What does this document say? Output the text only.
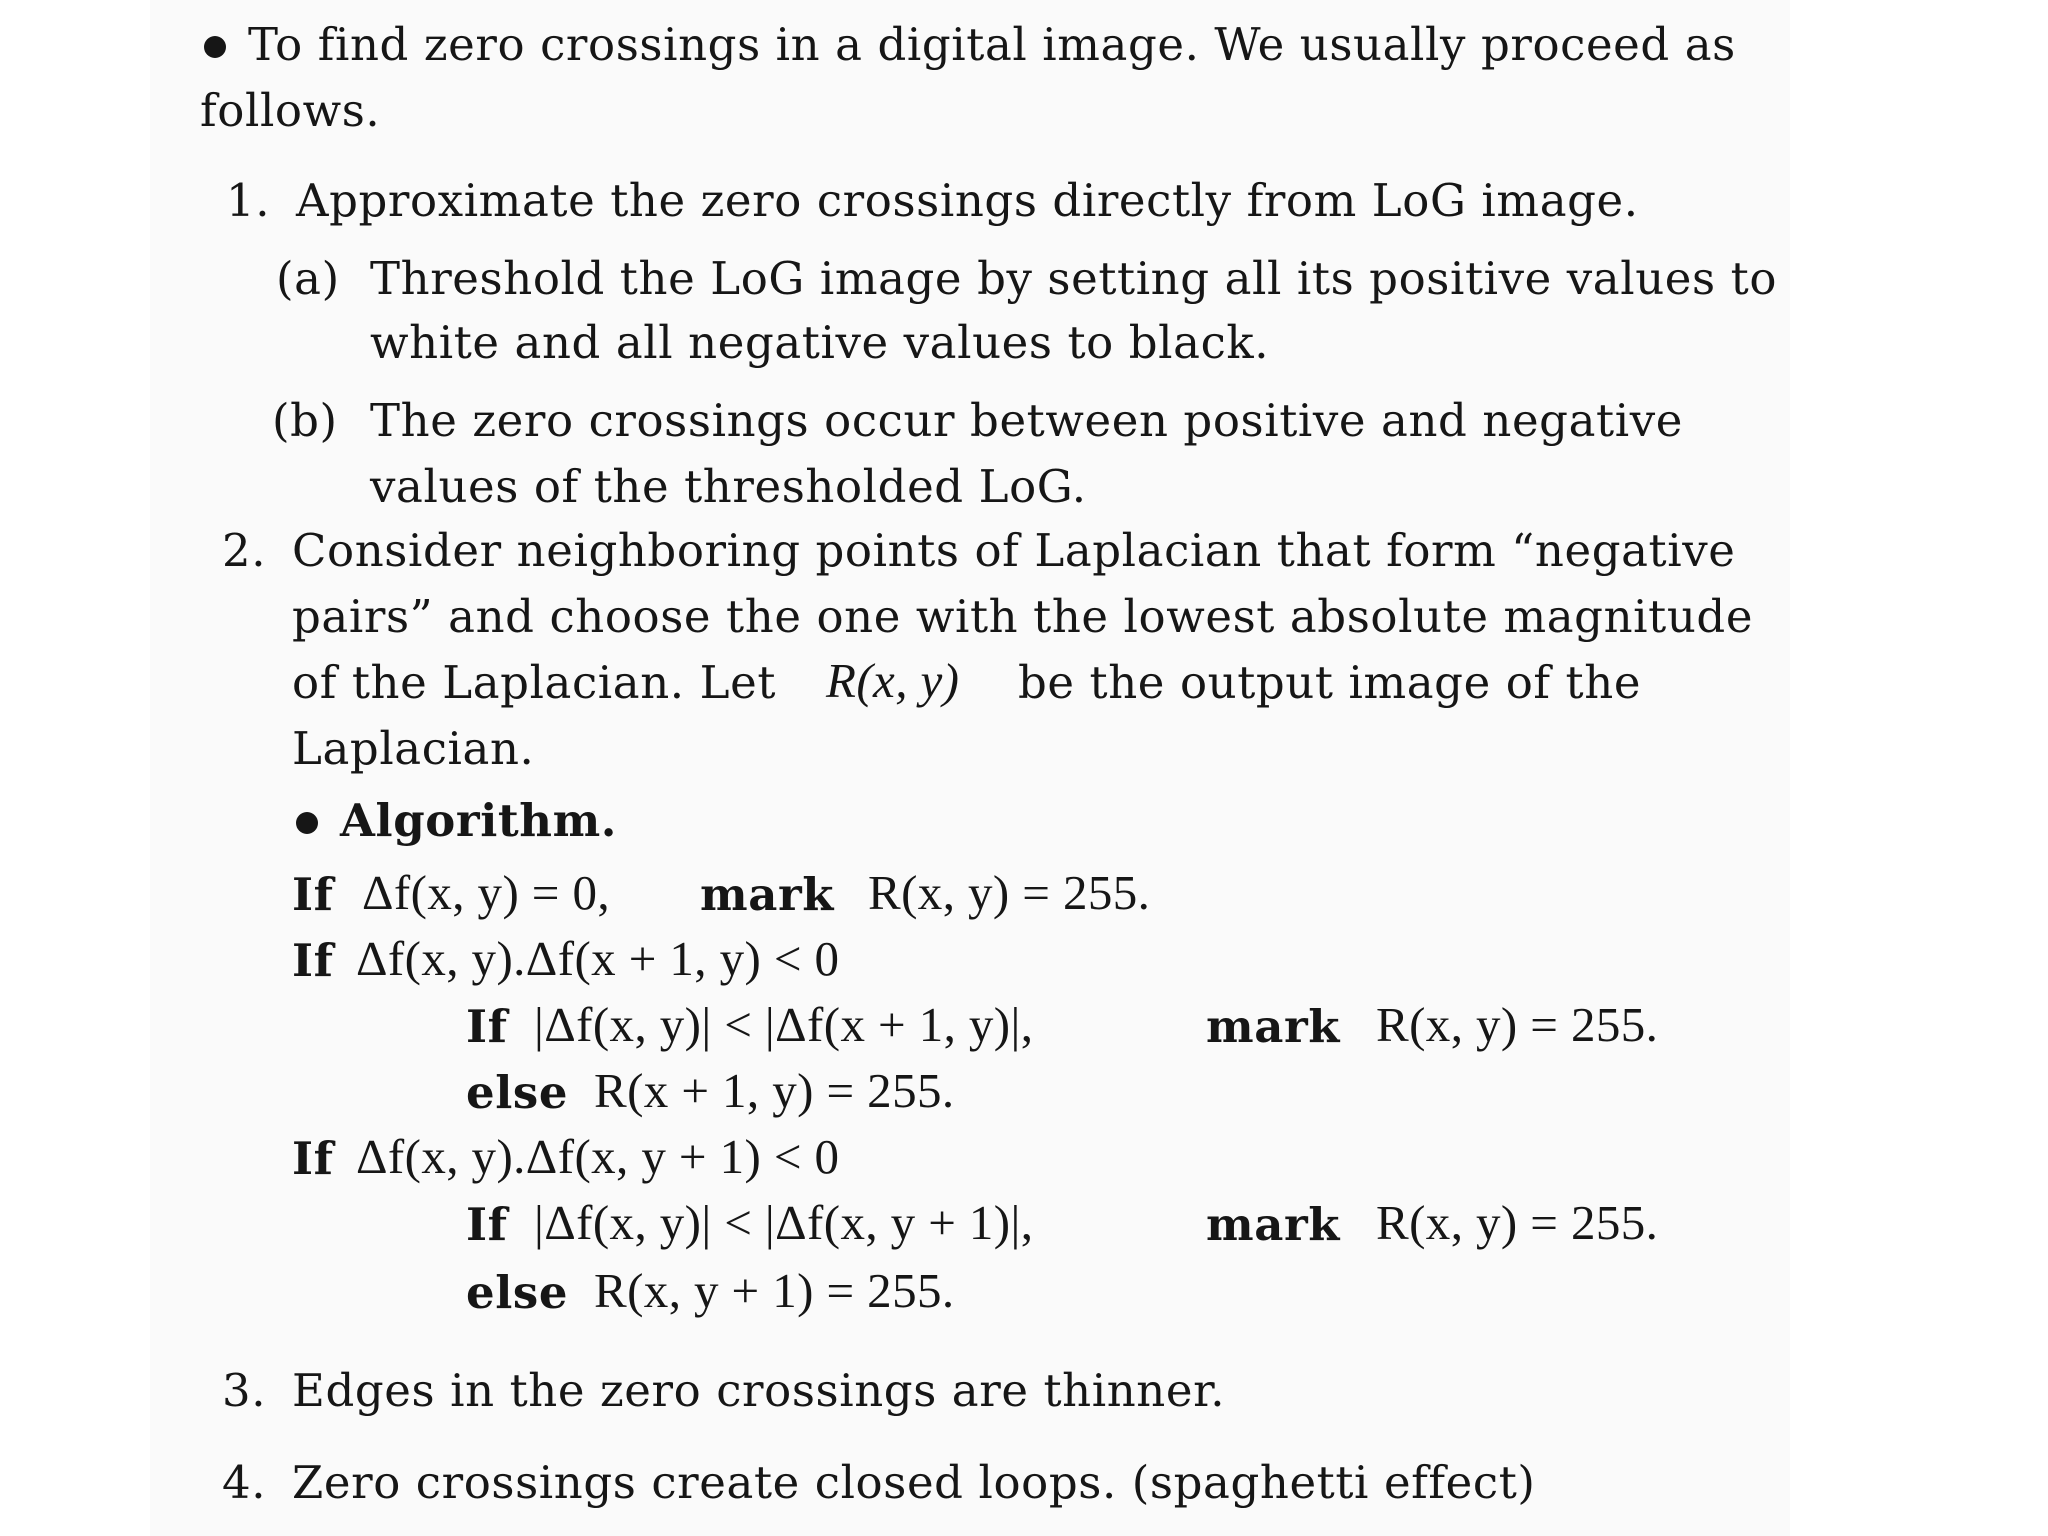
To find zero crossings in a digital image. We usually proceed as
follows.
1. Approximate the zero crossings directly from LoG image.
(a) Threshold the LoG image by setting all its positive values to
white and all negative values to black.
(b) The zero crossings occur between positive and negative
values of the thresholded LoG.
2. Consider neighboring points of Laplacian that form “negative
pairs” and choose the one with the lowest absolute magnitude
of the Laplacian. Let R(x, y) be the output image of the
Laplacian.
Algorithm.
If Δf(x, y) = 0, mark R(x, y) = 255.
If Δf(x, y).Δf(x + 1, y) < 0
If |Δf(x, y)| < |Δf(x + 1, y)|,	mark R(x, y) = 255.
else R(x + 1, y) = 255.
If Δf(x, y).Δf(x, y + 1) < 0
If |Δf(x, y)| < |Δf(x, y + 1)|,	mark R(x, y) = 255.
else R(x, y + 1) = 255.
3. Edges in the zero crossings are thinner.
4. Zero crossings create closed loops. (spaghetti effect)
